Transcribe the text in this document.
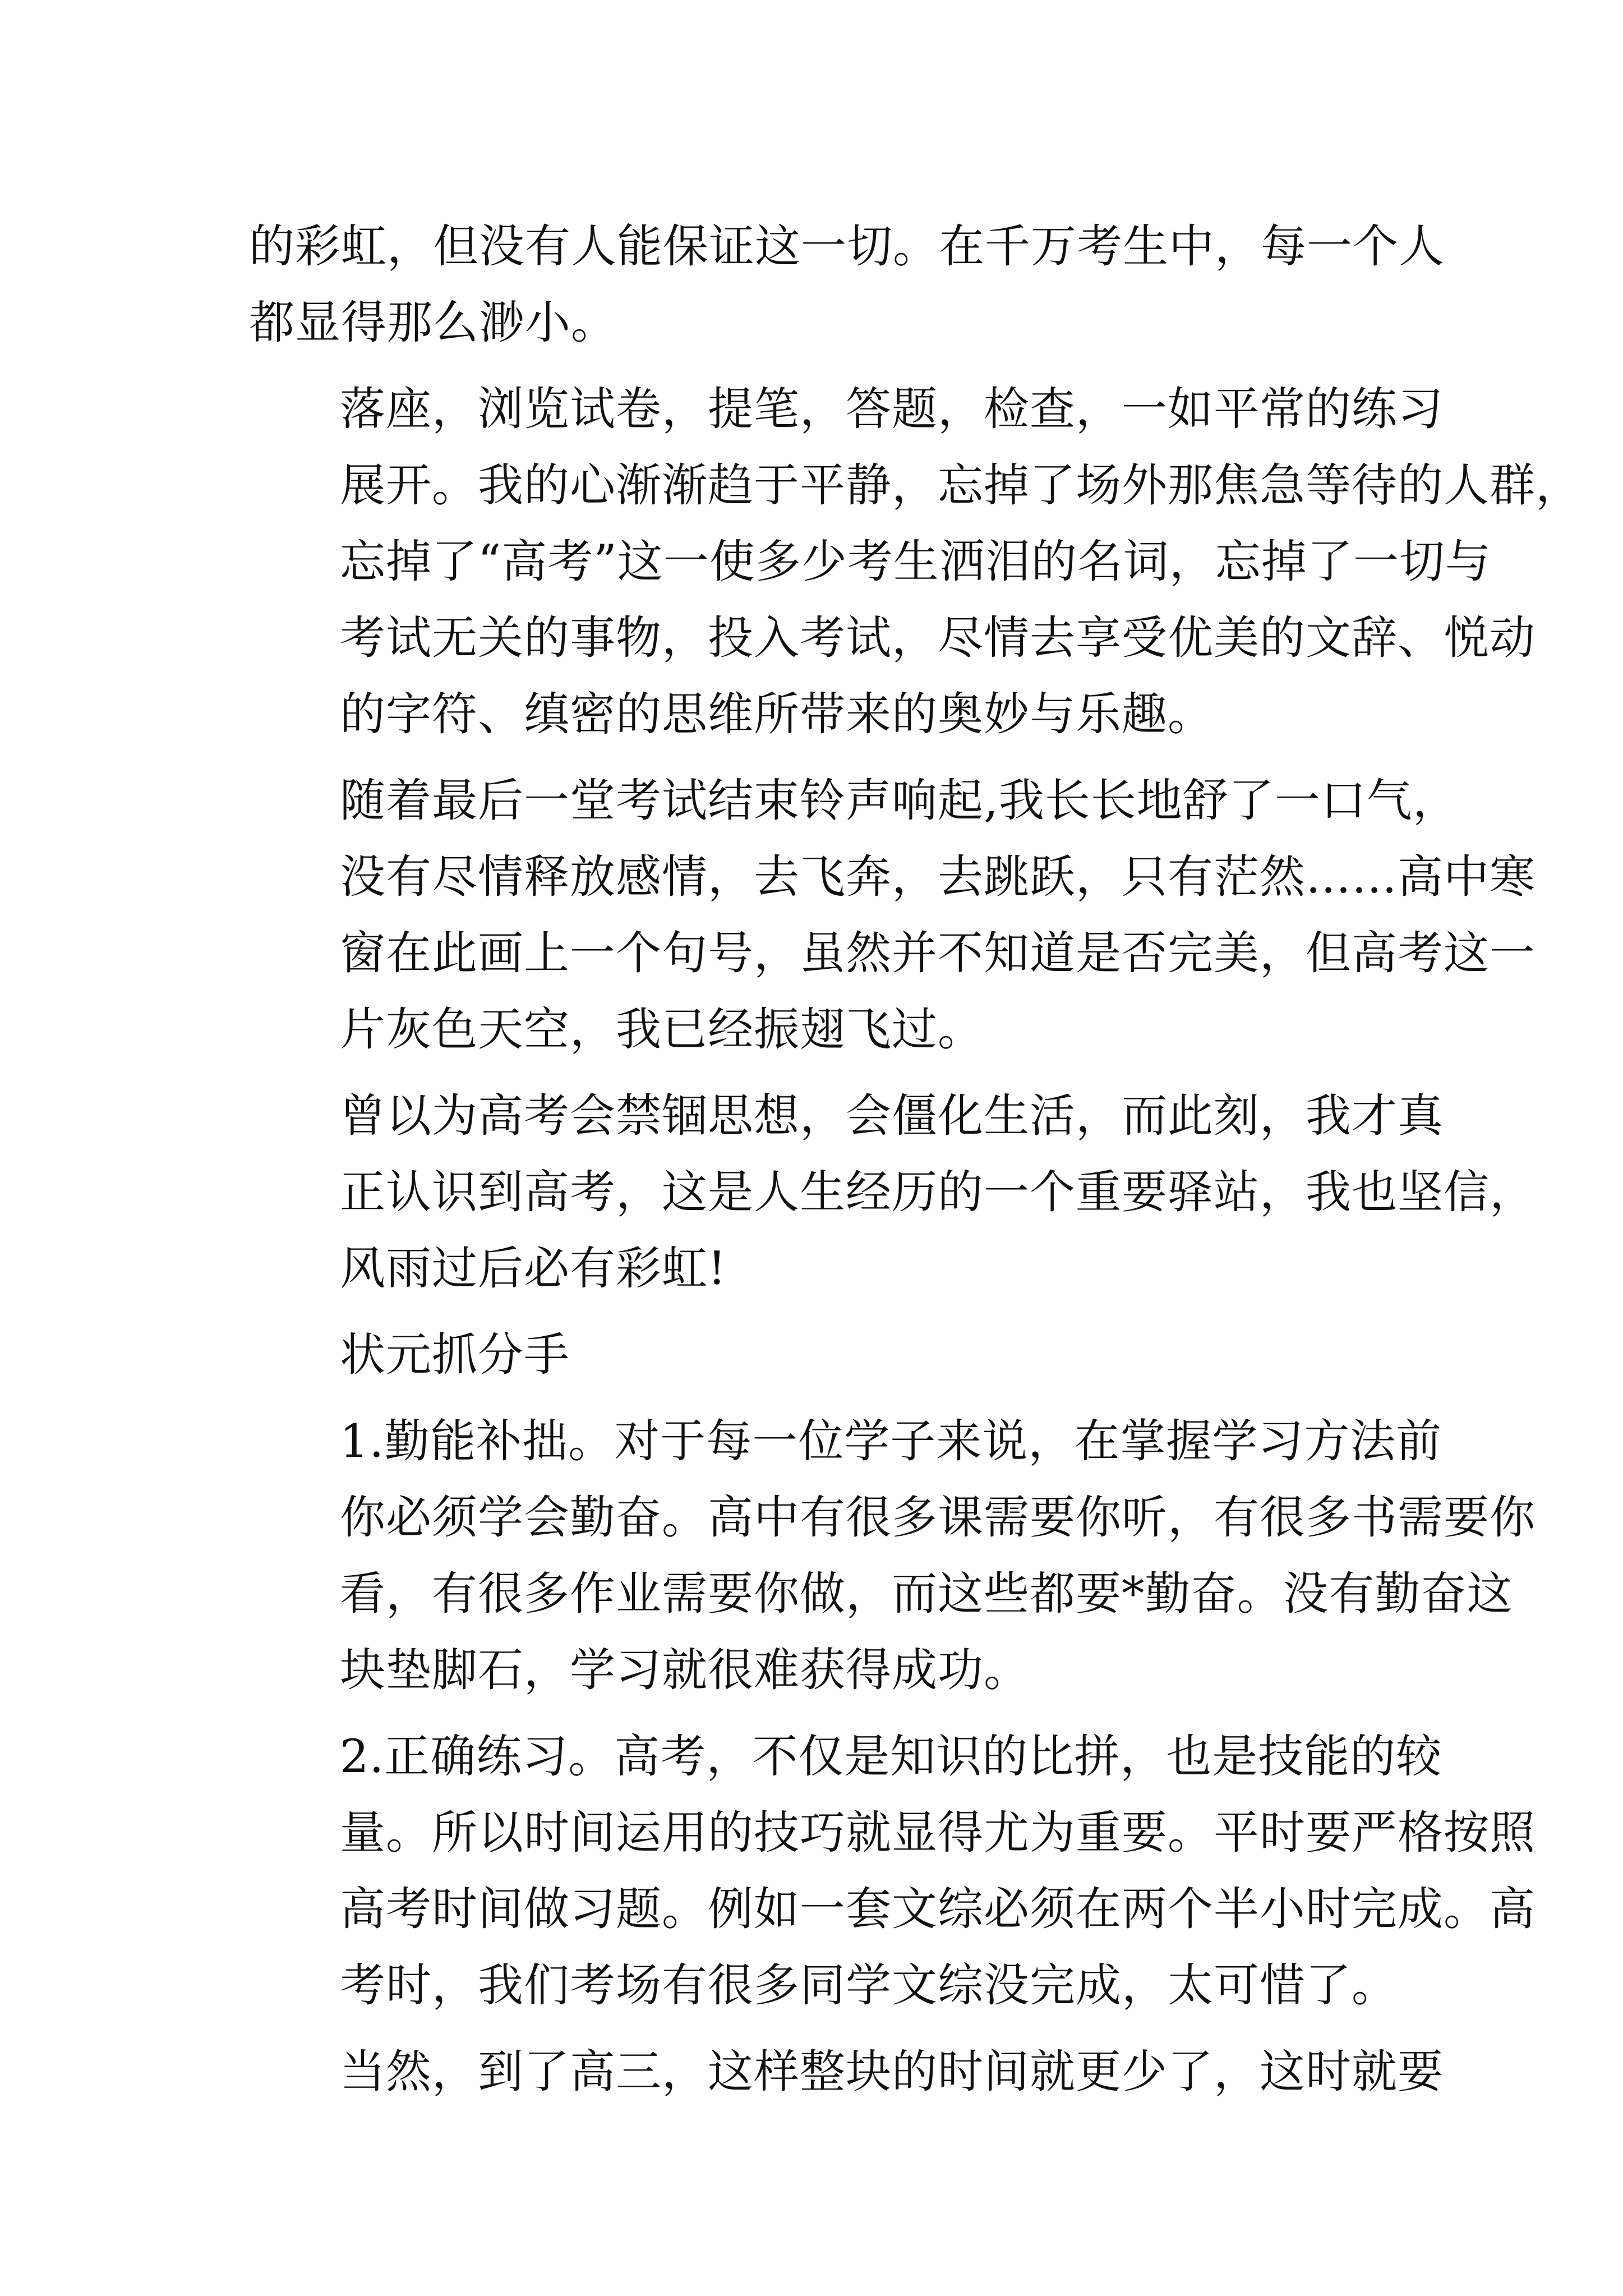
的彩虹，但没有人能保证这一切。在千万考生中，每一个人
都显得那么渺小。
落座，浏览试卷，提笔，答题，检查，一如平常的练习
展开。我的心渐渐趋于平静，忘掉了场外那焦急等待的人群，
忘掉了“高考”这一使多少考生洒泪的名词，忘掉了一切与
考试无关的事物，投入考试，尽情去享受优美的文辞、悦动
的字符、缜密的思维所带来的奥妙与乐趣。
随着最后一堂考试结束铃声响起,我长长地舒了一口气，
没有尽情释放感情，去飞奔，去跳跃，只有茫然……高中寒
窗在此画上一个句号，虽然并不知道是否完美，但高考这一
片灰色天空，我已经振翅飞过。
曾以为高考会禁锢思想，会僵化生活，而此刻，我才真
正认识到高考，这是人生经历的一个重要驿站，我也坚信，
风雨过后必有彩虹!
状元抓分手
1.勤能补拙。对于每一位学子来说，在掌握学习方法前
你必须学会勤奋。高中有很多课需要你听，有很多书需要你
看，有很多作业需要你做，而这些都要*勤奋。没有勤奋这
块垫脚石，学习就很难获得成功。
2.正确练习。高考，不仅是知识的比拼，也是技能的较
量。所以时间运用的技巧就显得尤为重要。平时要严格按照
高考时间做习题。例如一套文综必须在两个半小时完成。高
考时，我们考场有很多同学文综没完成，太可惜了。
当然，到了高三，这样整块的时间就更少了，这时就要
